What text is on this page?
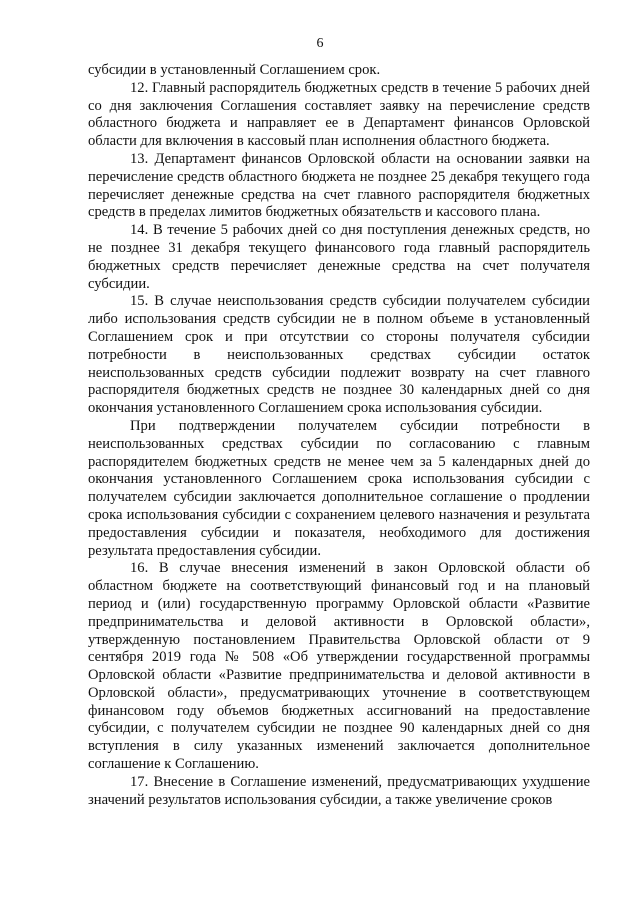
6

субсидии в установленный Соглашением срок.

12. Главный распорядитель бюджетных средств в течение 5 рабочих дней со дня заключения Соглашения составляет заявку на перечисление средств областного бюджета и направляет ее в Департамент финансов Орловской области для включения в кассовый план исполнения областного бюджета.

13. Департамент финансов Орловской области на основании заявки на перечисление средств областного бюджета не позднее 25 декабря текущего года перечисляет денежные средства на счет главного распорядителя бюджетных средств в пределах лимитов бюджетных обязательств и кассового плана.

14. В течение 5 рабочих дней со дня поступления денежных средств, но не позднее 31 декабря текущего финансового года главный распорядитель бюджетных средств перечисляет денежные средства на счет получателя субсидии.

15. В случае неиспользования средств субсидии получателем субсидии либо использования средств субсидии не в полном объеме в установленный Соглашением срок и при отсутствии со стороны получателя субсидии потребности в неиспользованных средствах субсидии остаток неиспользованных средств субсидии подлежит возврату на счет главного распорядителя бюджетных средств не позднее 30 календарных дней со дня окончания установленного Соглашением срока использования субсидии.

При подтверждении получателем субсидии потребности в неиспользованных средствах субсидии по согласованию с главным распорядителем бюджетных средств не менее чем за 5 календарных дней до окончания установленного Соглашением срока использования субсидии с получателем субсидии заключается дополнительное соглашение о продлении срока использования субсидии с сохранением целевого назначения и результата предоставления субсидии и показателя, необходимого для достижения результата предоставления субсидии.

16. В случае внесения изменений в закон Орловской области об областном бюджете на соответствующий финансовый год и на плановый период и (или) государственную программу Орловской области «Развитие предпринимательства и деловой активности в Орловской области», утвержденную постановлением Правительства Орловской области от 9 сентября 2019 года № 508 «Об утверждении государственной программы Орловской области «Развитие предпринимательства и деловой активности в Орловской области», предусматривающих уточнение в соответствующем финансовом году объемов бюджетных ассигнований на предоставление субсидии, с получателем субсидии не позднее 90 календарных дней со дня вступления в силу указанных изменений заключается дополнительное соглашение к Соглашению.

17. Внесение в Соглашение изменений, предусматривающих ухудшение значений результатов использования субсидии, а также увеличение сроков
